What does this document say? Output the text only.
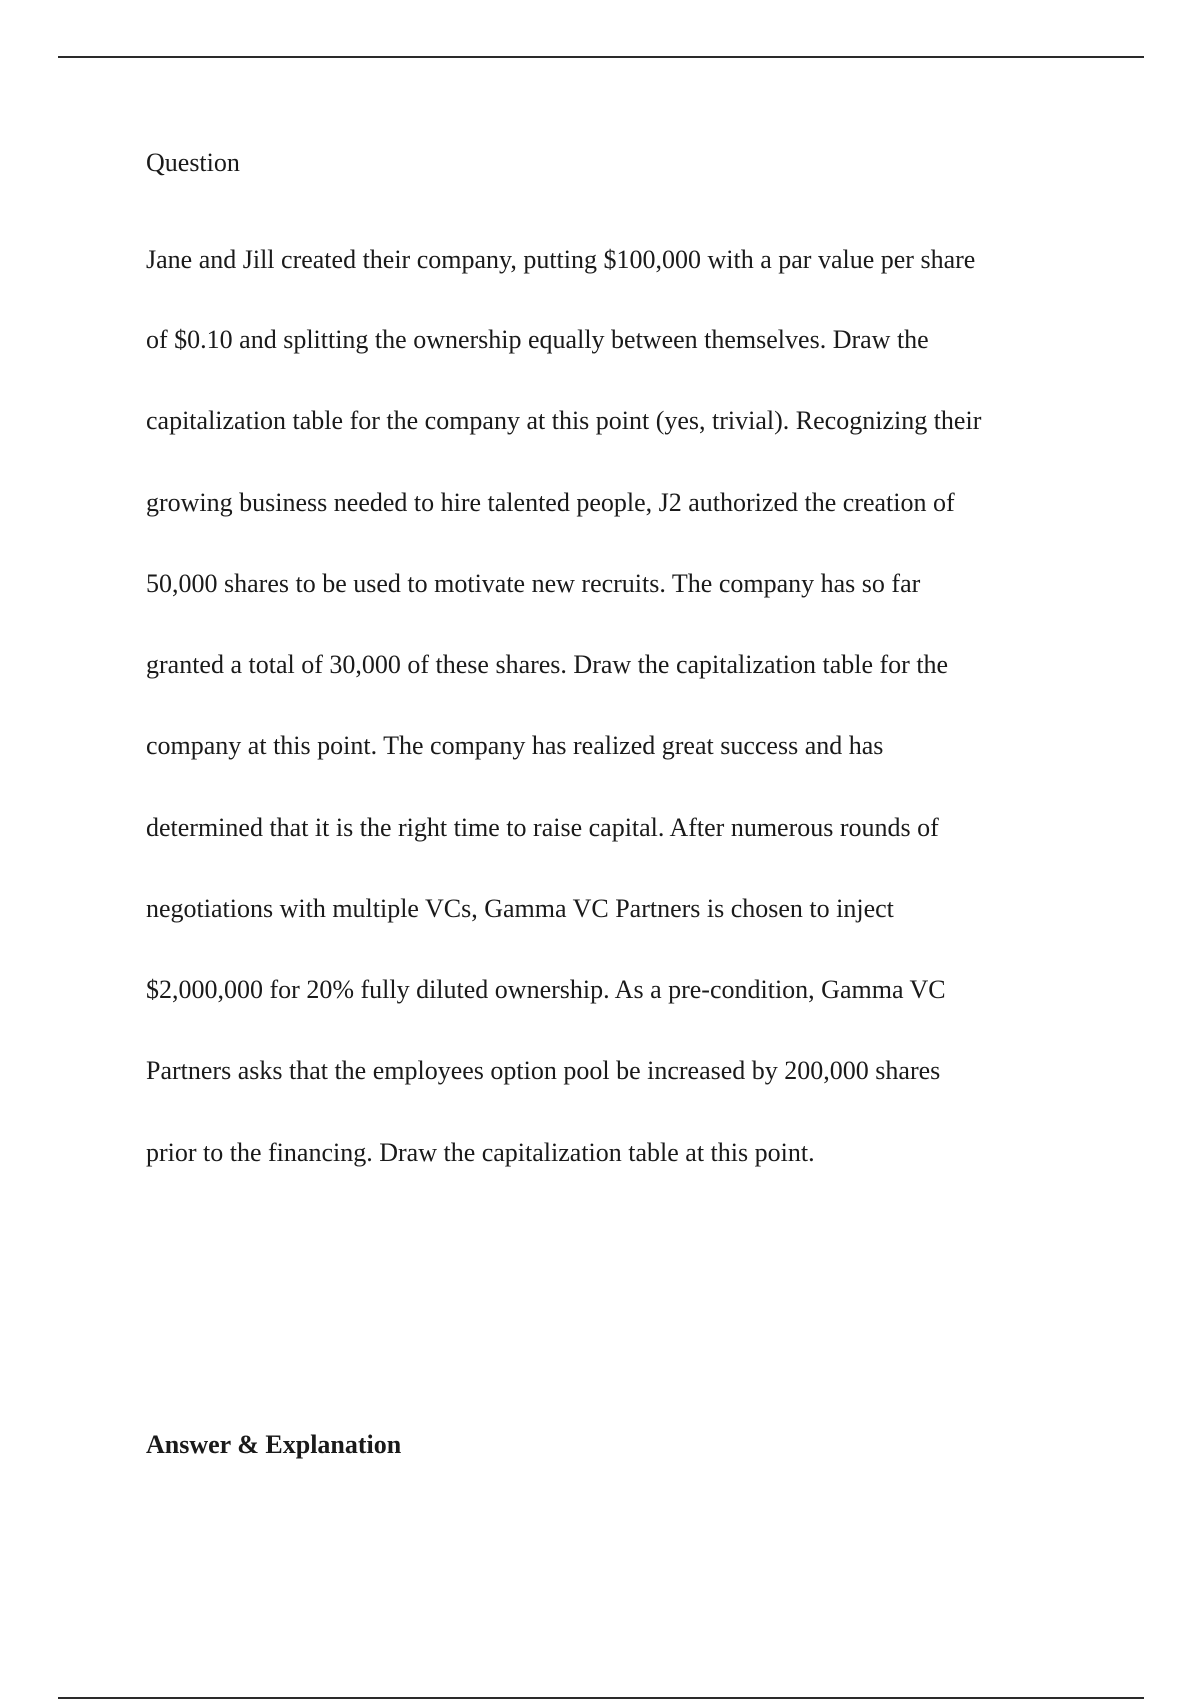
Question
Jane and Jill created their company, putting $100,000 with a par value per share
of $0.10 and splitting the ownership equally between themselves. Draw the
capitalization table for the company at this point (yes, trivial). Recognizing their
growing business needed to hire talented people, J2 authorized the creation of
50,000 shares to be used to motivate new recruits. The company has so far
granted a total of 30,000 of these shares. Draw the capitalization table for the
company at this point. The company has realized great success and has
determined that it is the right time to raise capital. After numerous rounds of
negotiations with multiple VCs, Gamma VC Partners is chosen to inject
$2,000,000 for 20% fully diluted ownership. As a pre-condition, Gamma VC
Partners asks that the employees option pool be increased by 200,000 shares
prior to the financing. Draw the capitalization table at this point.
Answer & Explanation
